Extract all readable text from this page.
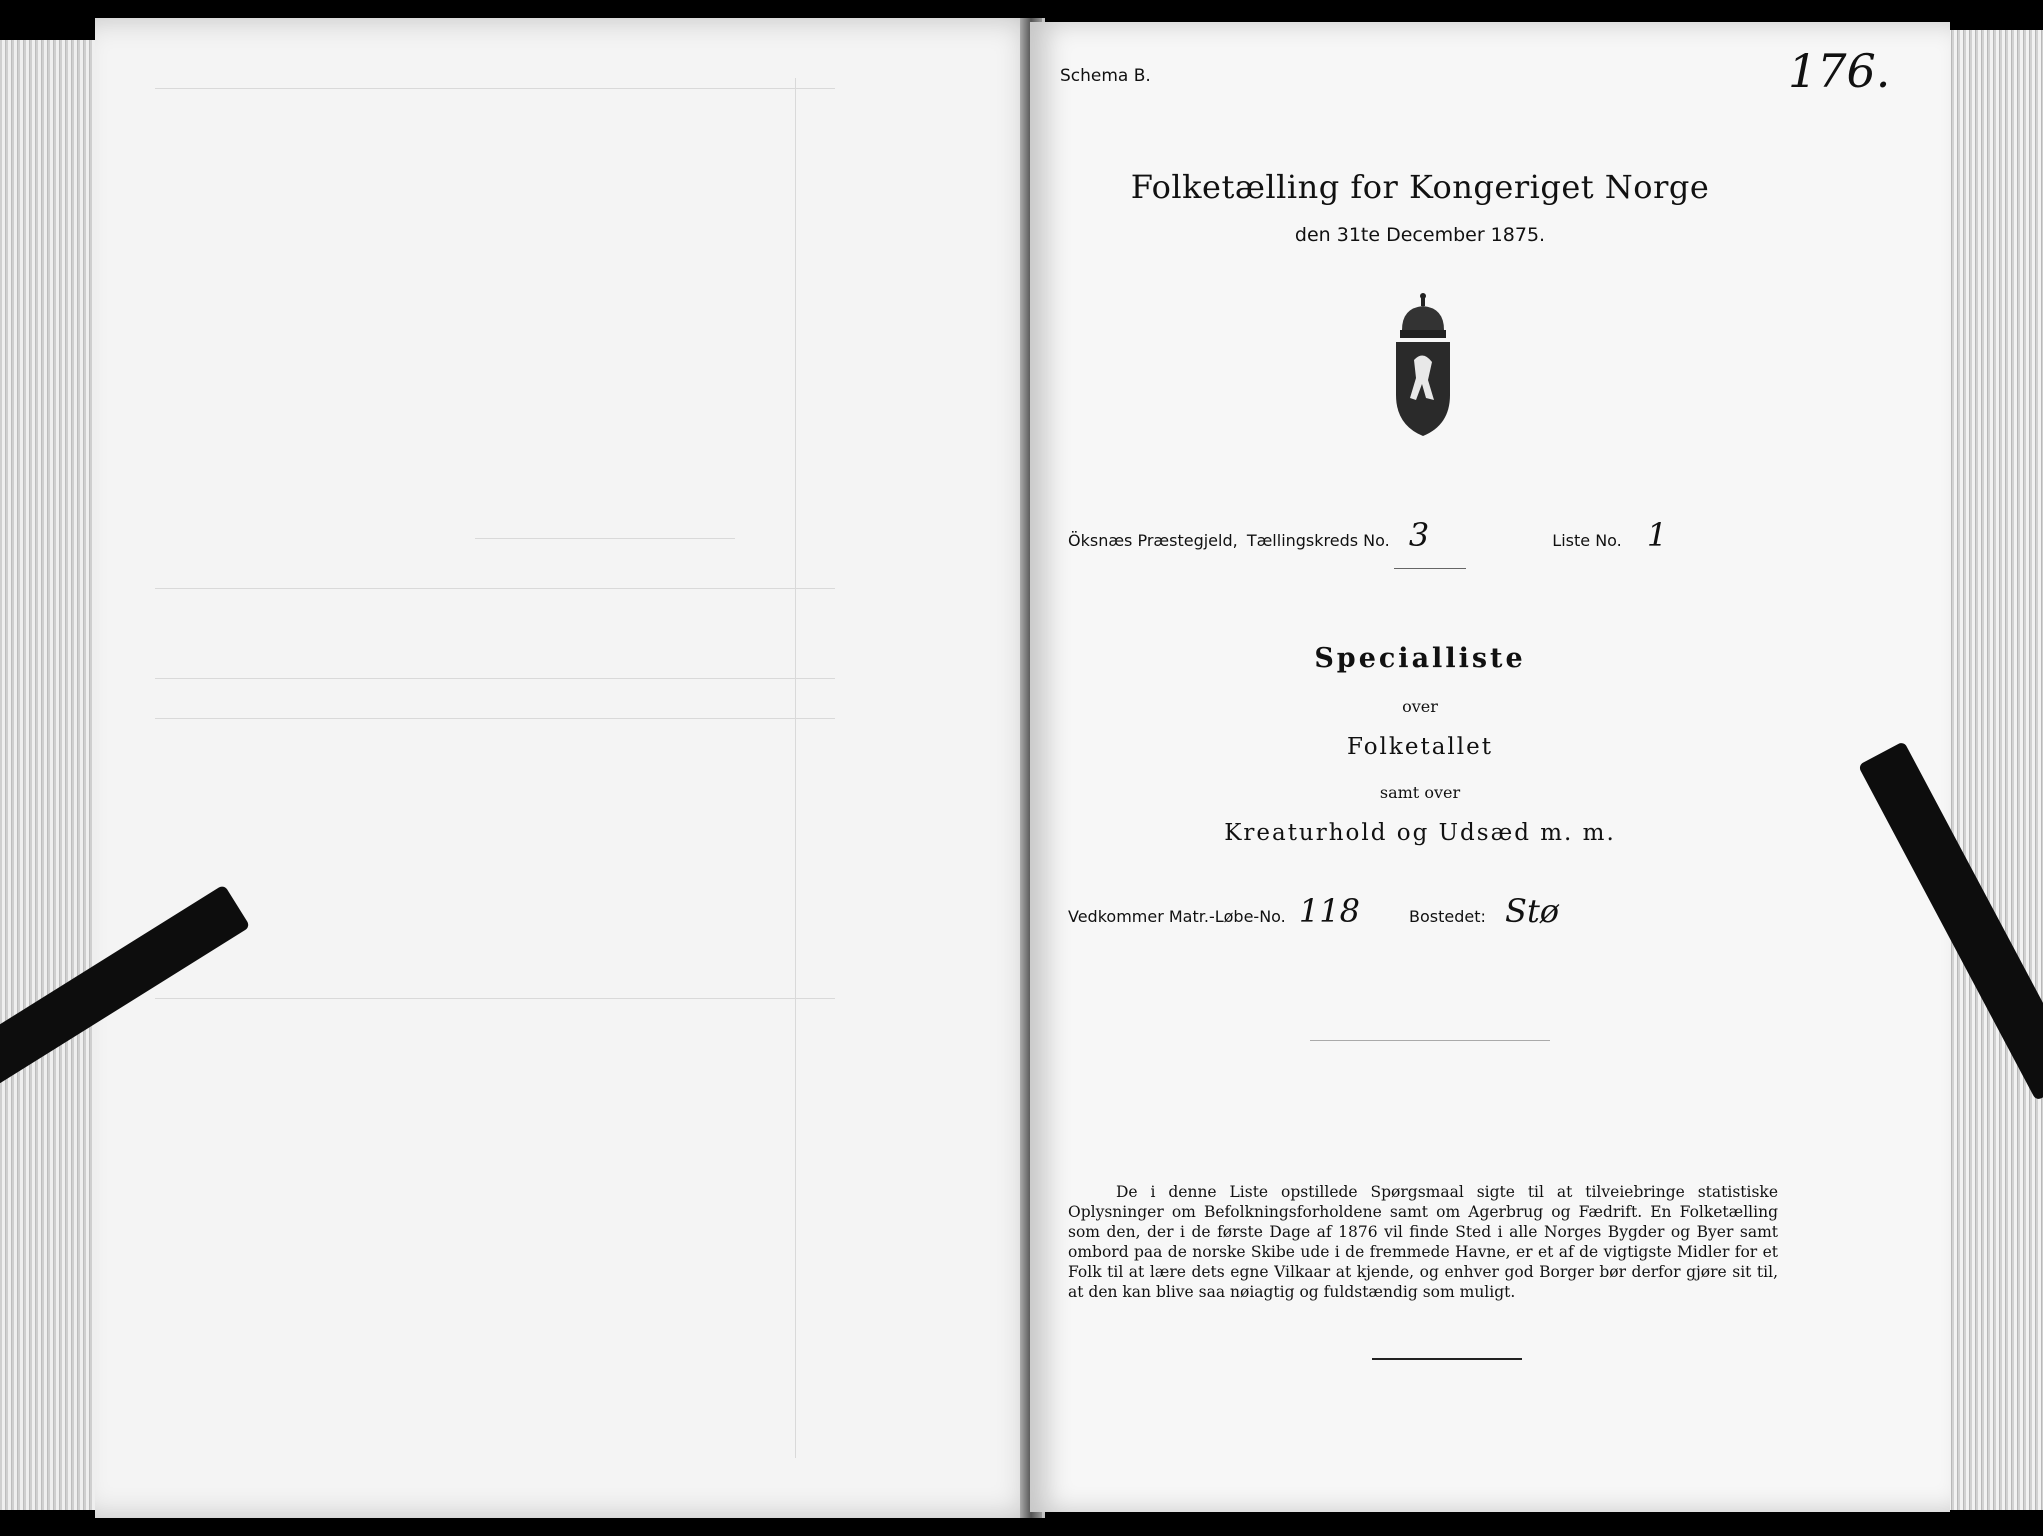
Schema B.	176.
Folketælling for Kongeriget Norge
den 31te December 1875.
Öksnæs Præstegjeld, Tællingskreds No. 3	Liste No. 1
Specialliste
over
Folketallet
samt over
Kreaturhold og Udsæd m. m.
Vedkommer Matr.-Løbe-No. 118	Bostedet: Stø
De i denne Liste opstillede Spørgsmaal sigte til at tilveiebringe statistiske Oplysninger om Befolkningsforholdene samt om Agerbrug og Fædrift. En Folketælling som den, der i de første Dage af 1876 vil finde Sted i alle Norges Bygder og Byer samt ombord paa de norske Skibe ude i de fremmede Havne, er et af de vigtigste Midler for et Folk til at lære dets egne Vilkaar at kjende, og enhver god Borger bør derfor gjøre sit til, at den kan blive saa nøiagtig og fuldstændig som muligt.
